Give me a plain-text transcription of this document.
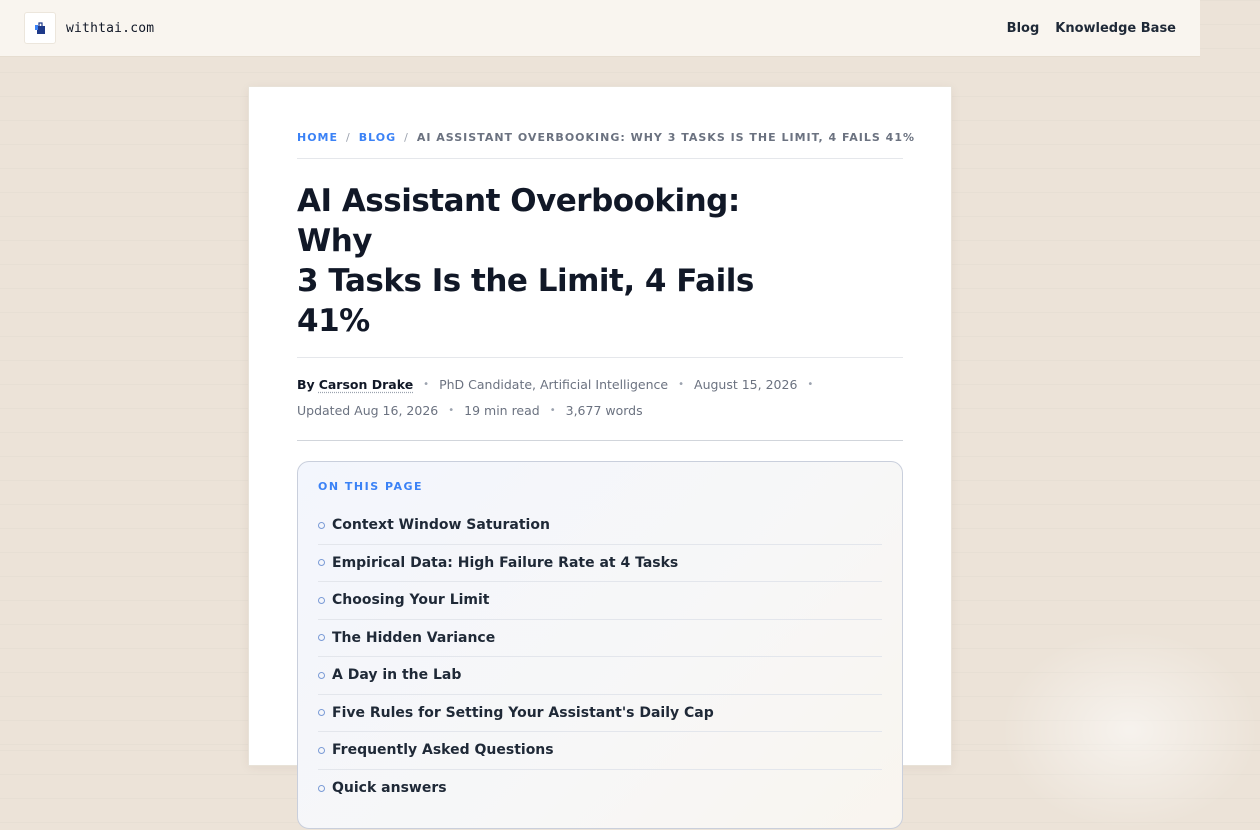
withtai.com	Blog Knowledge Base
HOME / BLOG / AI ASSISTANT OVERBOOKING: WHY 3 TASKS IS THE LIMIT, 4 FAILS 41%
AI Assistant Overbooking: Why
3 Tasks Is the Limit, 4 Fails 41%
By Carson Drake • PhD Candidate, Artificial Intelligence • August 15, 2026 •
Updated Aug 16, 2026 • 19 min read • 3,677 words
ON THIS PAGE
Context Window Saturation
Empirical Data: High Failure Rate at 4 Tasks
Choosing Your Limit
The Hidden Variance
A Day in the Lab
Five Rules for Setting Your Assistant's Daily Cap
Frequently Asked Questions
Quick answers
